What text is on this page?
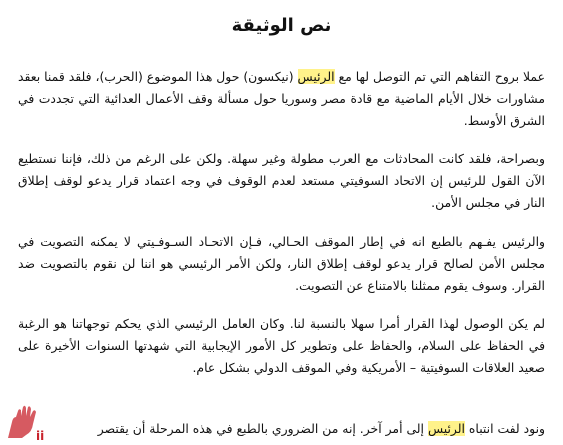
نص الوثيقة

عملا بروح التفاهم التي تم التوصل لها مع الرئيس (نيكسون) حول هذا الموضوع (الحرب)، فلقد قمنا بعقد مشاورات خلال الأيام الماضية مع قادة مصر وسوريا حول مسألة وقف الأعمال العدائية التي تجددت في الشرق الأوسط.

وبصراحة، فلقد كانت المحادثات مع العرب مطولة وغير سهلة. ولكن على الرغم من ذلك، فإننا نستطيع الآن القول للرئيس إن الاتحاد السوفيتي مستعد لعدم الوقوف في وجه اعتماد قرار يدعو لوقف إطلاق النار في مجلس الأمن.

والرئيس يفـهم بالطبع انه في إطار الموقف الحـالي، فـإن الاتحـاد السـوفـيتي لا يمكنه التصويت في مجلس الأمن لصالح قرار يدعو لوقف إطلاق النار، ولكن الأمر الرئيسي هو اننا لن نقوم بالتصويت ضد القرار. وسوف يقوم ممثلنا بالامتناع عن التصويت.

لم يكن الوصول لهذا القرار أمرا سهلا بالنسبة لنا. وكان العامل الرئيسي الذي يحكم توجهاتنا هو الرغبة في الحفاظ على السلام، والحفاظ على وتطوير كل الأمور الإيجابية التي شهدتها السنوات الأخيرة على صعيد العلاقات السوفيتية – الأمريكية وفي الموقف الدولي بشكل عام.

ونود لفت انتباه الرئيس إلى أمر آخر. إنه من الضروري بالطبع في هذه المرحلة أن يقتصر

ii
